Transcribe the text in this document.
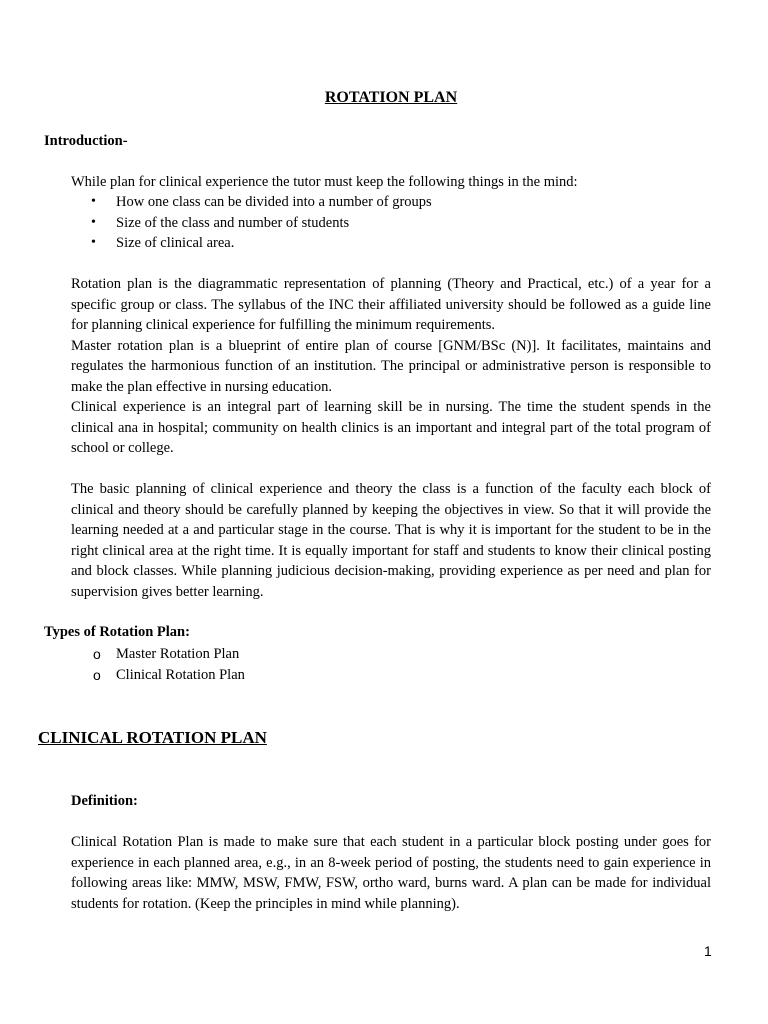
ROTATION PLAN
Introduction-

While plan for clinical experience the tutor must keep the following things in the mind:

• How one class can be divided into a number of groups
• Size of the class and number of students
• Size of clinical area.

Rotation plan is the diagrammatic representation of planning (Theory and Practical, etc.) of a year for a specific group or class. The syllabus of the INC their affiliated university should be followed as a guide line for planning clinical experience for fulfilling the minimum requirements.

Master rotation plan is a blueprint of entire plan of course [GNM/BSc (N)]. It facilitates, maintains and regulates the harmonious function of an institution. The principal or administrative person is responsible to make the plan effective in nursing education.

Clinical experience is an integral part of learning skill be in nursing. The time the student spends in the clinical ana in hospital; community on health clinics is an important and integral part of the total program of school or college.

The basic planning of clinical experience and theory the class is a function of the faculty each block of clinical and theory should be carefully planned by keeping the objectives in view. So that it will provide the learning needed at a and particular stage in the course. That is why it is important for the student to be in the right clinical area at the right time. It is equally important for staff and students to know their clinical posting and block classes. While planning judicious decision-making, providing experience as per need and plan for supervision gives better learning.

Types of Rotation Plan:
o Master Rotation Plan
o Clinical Rotation Plan
CLINICAL ROTATION PLAN
Definition:

Clinical Rotation Plan is made to make sure that each student in a particular block posting under goes for experience in each planned area, e.g., in an 8-week period of posting, the students need to gain experience in following areas like: MMW, MSW, FMW, FSW, ortho ward, burns ward. A plan can be made for individual students for rotation. (Keep the principles in mind while planning).

1
